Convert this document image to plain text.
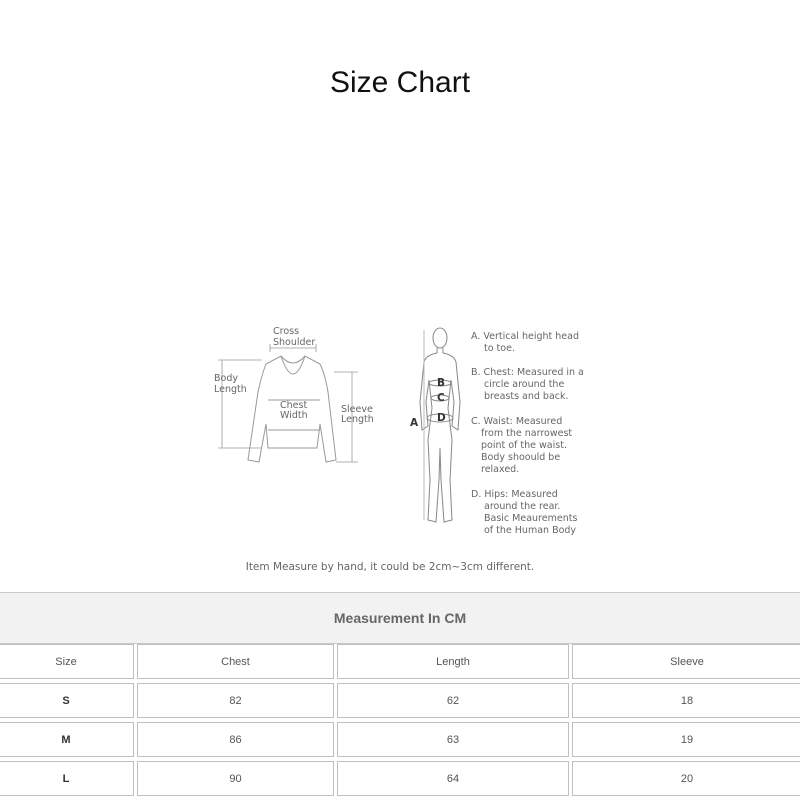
Size Chart
Cross
Shoulder
Body
Length
Chest
Width
Sleeve
Length
B
C
D
A
A. Vertical height head
to toe.
B. Chest: Measured in a
circle around the
breasts and back.
C. Waist: Measured
from the narrowest
point of the waist.
Body shoould be
relaxed.
D. Hips: Measured
around the rear.
Basic Meaurements
of the Human Body
Item Measure by hand, it could be 2cm~3cm different.
Measurement In CM
Size	Chest	Length	Sleeve
S	82	62	18
M	86	63	19
L	90	64	20
